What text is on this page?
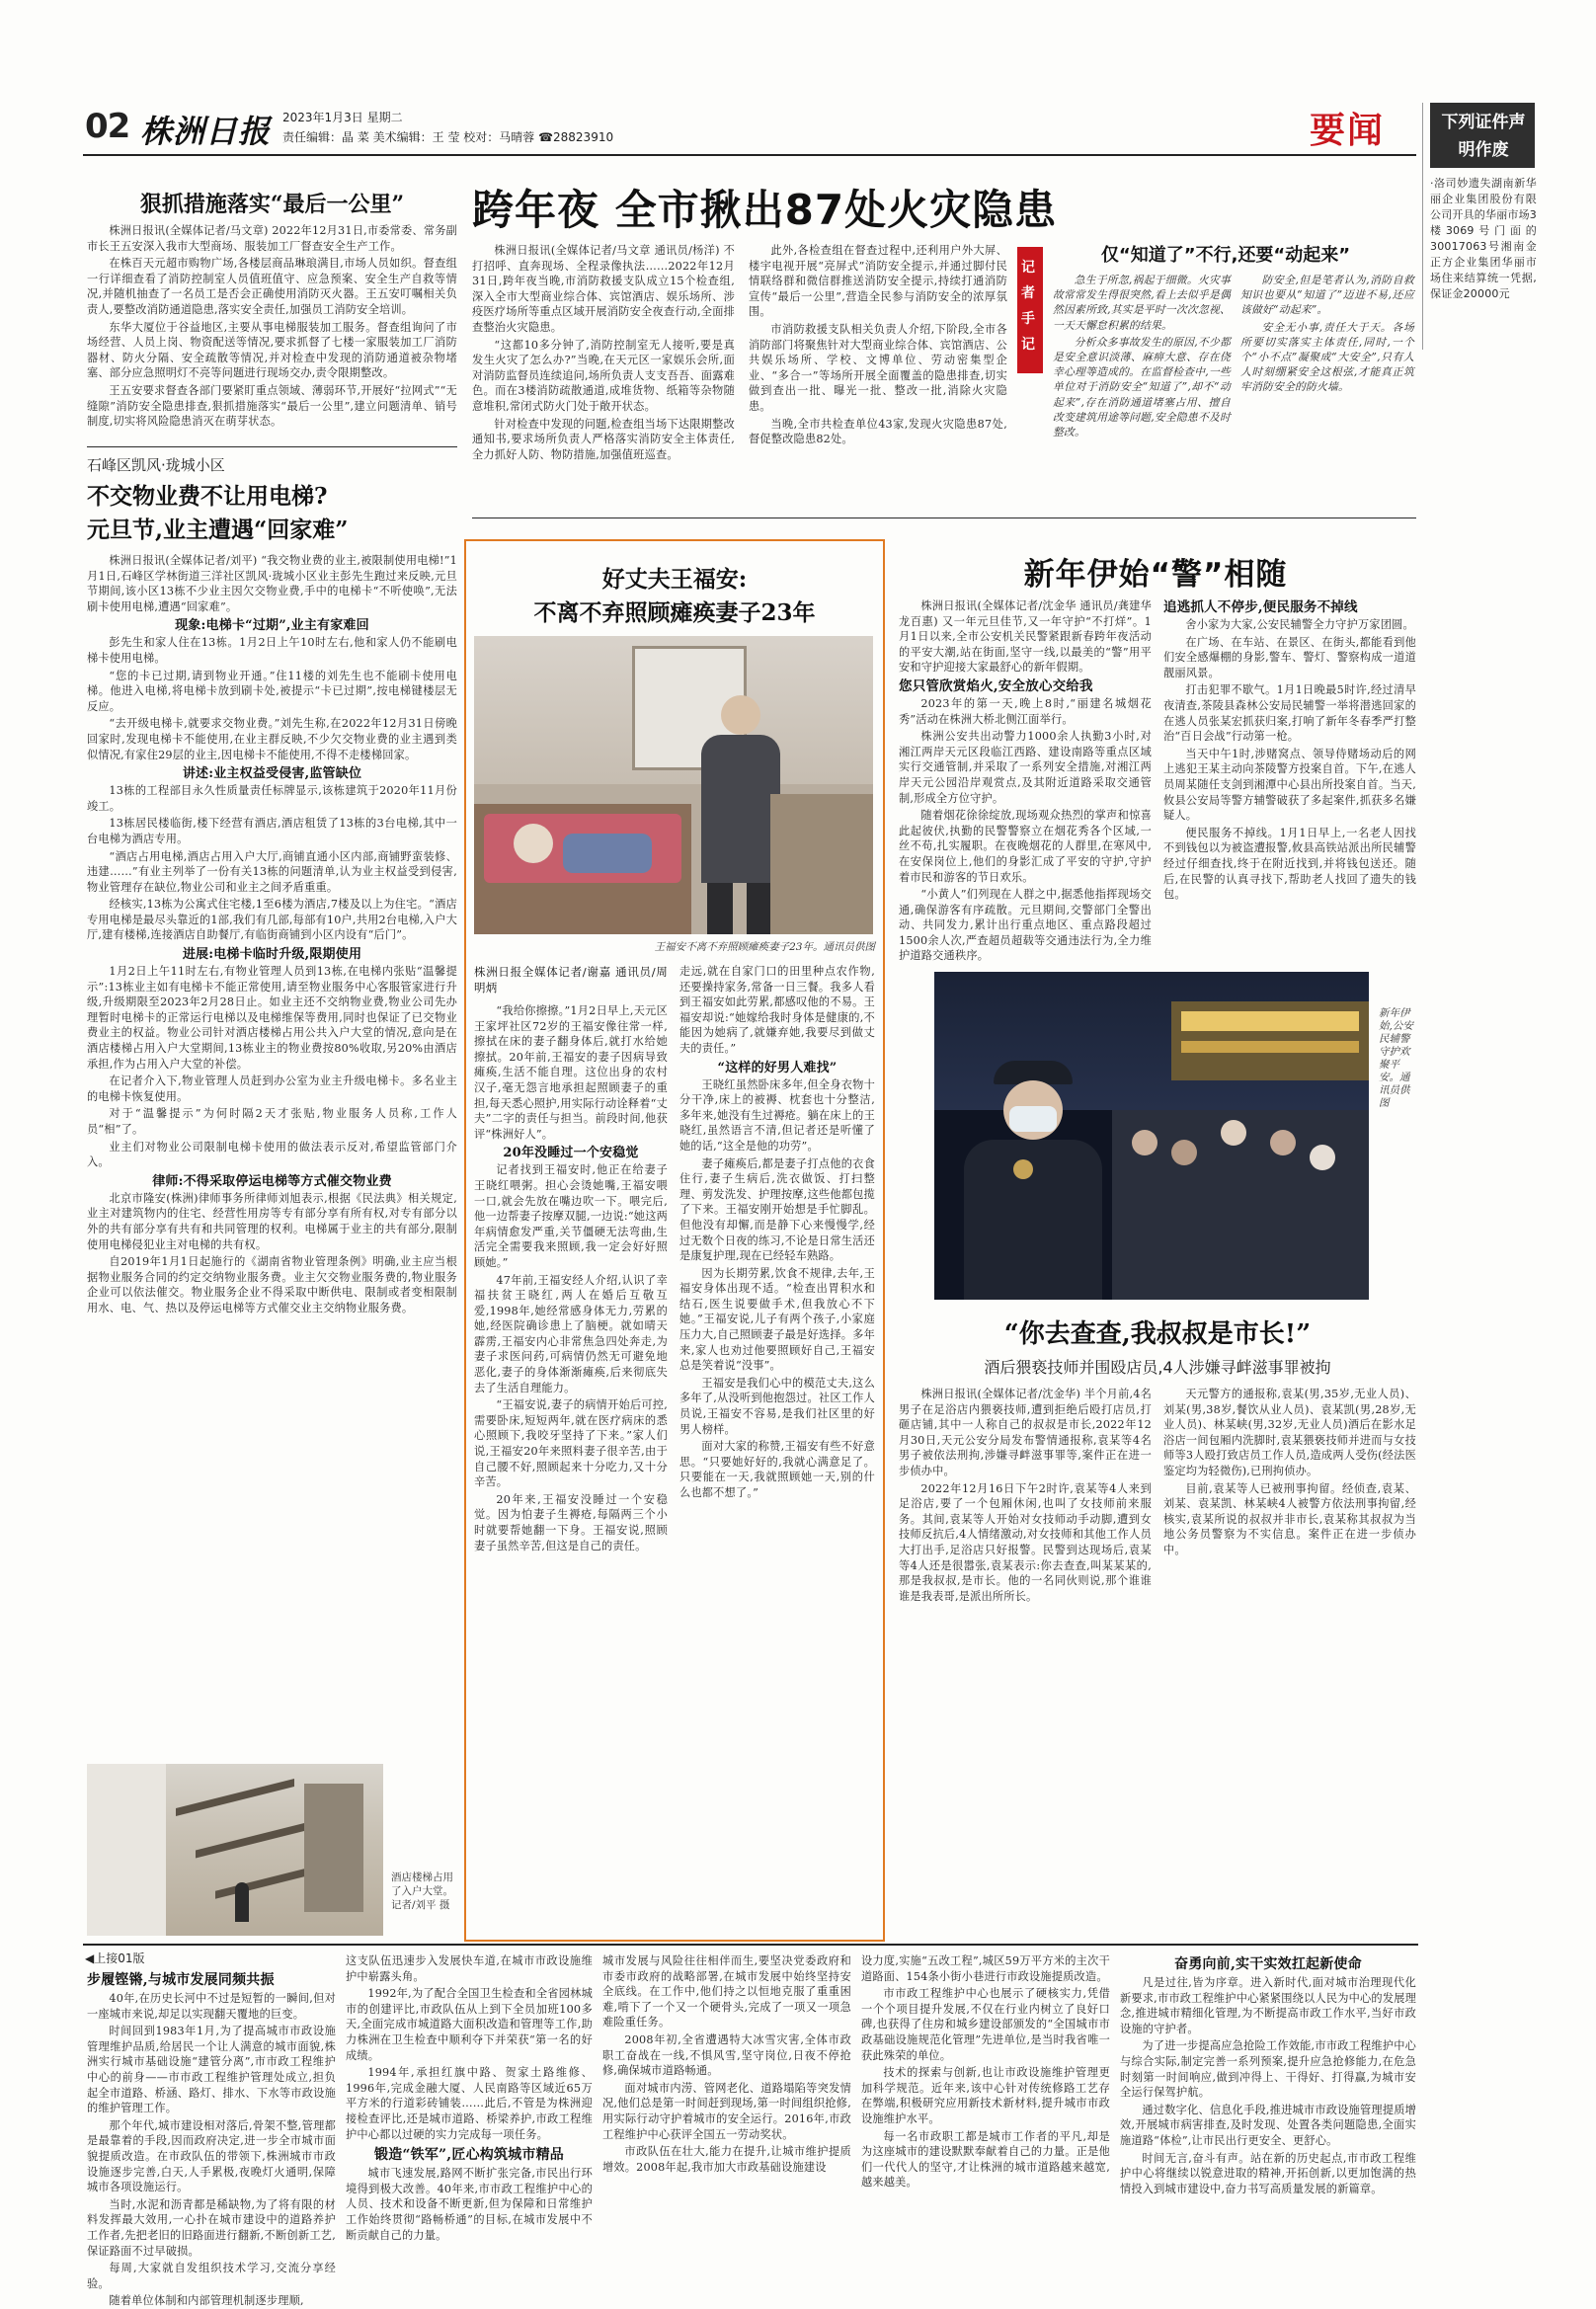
02 株洲日报 2023年1月3日 星期二
责任编辑：晶 菜 美术编辑：王 莹 校对：马晴蓉 ☎28823910	要闻	下列证件声明作废
·洛司妙遗失湖南新华丽企业集团股份有限公司开具的华丽市场3楼3069号门面的30017063号湘南金正方企业集团华丽市场住来结算统一凭据,保证金20000元
狠抓措施落实“最后一公里”

株洲日报讯(全媒体记者/马文章) 2022年12月31日,市委常委、常务副市长王五安深入我市大型商场、服装加工厂督查安全生产工作。

在株百天元超市购物广场,各楼层商品琳琅满目,市场人员如织。督查组一行详细查看了消防控制室人员值班值守、应急预案、安全生产自救等情况,并随机抽查了一名员工是否会正确使用消防灭火器。王五安叮嘱相关负责人,要整改消防通道隐患,落实安全责任,加强员工消防安全培训。

东华大厦位于谷益地区,主要从事电梯服装加工服务。督查组询问了市场经营、人员上岗、物资配送等情况,要求抓督了七楼一家服装加工厂消防器材、防火分隔、安全疏散等情况,并对检查中发现的消防通道被杂物堵塞、部分应急照明灯不亮等问题进行现场交办,责令限期整改。

王五安要求督查各部门要紧盯重点领域、薄弱环节,开展好“拉网式”“无缝隙”消防安全隐患排查,狠抓措施落实“最后一公里”,建立问题清单、销号制度,切实将风险隐患消灭在萌芽状态。

跨年夜 全市揪出87处火灾隐患

株洲日报讯(全媒体记者/马文章 通讯员/杨洋) 不打招呼、直奔现场、全程录像执法……2022年12月31日,跨年夜当晚,市消防救援支队成立15个检查组,深入全市大型商业综合体、宾馆酒店、娱乐场所、涉疫医疗场所等重点区域开展消防安全夜查行动,全面排查整治火灾隐患。

“这都10多分钟了,消防控制室无人接听,要是真发生火灾了怎么办?”当晚,在天元区一家娱乐会所,面对消防监督员连续追问,场所负责人支支吾吾、面露难色。而在3楼消防疏散通道,成堆货物、纸箱等杂物随意堆积,常闭式防火门处于敞开状态。

针对检查中发现的问题,检查组当场下达限期整改通知书,要求场所负责人严格落实消防安全主体责任,全力抓好人防、物防措施,加强值班巡查。

此外,各检查组在督查过程中,还利用户外大屏、楼宇电视开展“亮屏式”消防安全提示,并通过脚付民情联络群和微信群推送消防安全提示,持续打通消防宣传“最后一公里”,营造全民参与消防安全的浓厚氛围。

市消防救援支队相关负责人介绍,下阶段,全市各消防部门将聚焦针对大型商业综合体、宾馆酒店、公共娱乐场所、学校、文博单位、劳动密集型企业、“多合一”等场所开展全面覆盖的隐患排查,切实做到查出一批、曝光一批、整改一批,消除火灾隐患。

当晚,全市共检查单位43家,发现火灾隐患87处,督促整改隐患82处。

记者手记
仅“知道了”不行,还要“动起来”

急生于所忽,祸起于细微。火灾事故常常发生得很突然,看上去似乎是偶然因素所致,其实是平时一次次忽视、一天天懈怠积累的结果。

分析众多事故发生的原因,不少都是安全意识淡薄、麻痹大意、存在侥幸心理等造成的。在监督检查中,一些单位对于消防安全“知道了”,却不“动起来”,存在消防通道堵塞占用、擅自改变建筑用途等问题,安全隐患不及时整改。

防安全,但是笔者认为,消防自救知识也要从“知道了”迈进不易,还应该做好“动起来”。

安全无小事,责任大于天。各场所要切实落实主体责任,同时,一个个“小不点”凝聚成“大安全”,只有人人时刻绷紧安全这根弦,才能真正筑牢消防安全的防火墙。

石峰区凯风·珑城小区
不交物业费不让用电梯?
元旦节,业主遭遇“回家难”

株洲日报讯(全媒体记者/刘平) “我交物业费的业主,被限制使用电梯!”1月1日,石峰区学林街道三洋社区凯风·珑城小区业主彭先生跑过来反映,元旦节期间,该小区13栋不少业主因欠交物业费,手中的电梯卡“不听使唤”,无法刷卡使用电梯,遭遇“回家难”。

现象:电梯卡“过期”,业主有家难回

彭先生和家人住在13栋。1月2日上午10时左右,他和家人仍不能刷电梯卡使用电梯。

“您的卡已过期,请到物业开通。”住11楼的刘先生也不能刷卡使用电梯。他进入电梯,将电梯卡放到刷卡处,被提示“卡已过期”,按电梯键楼层无反应。

“去开级电梯卡,就要求交物业费。”刘先生称,在2022年12月31日傍晚回家时,发现电梯卡不能使用,在业主群反映,不少欠交物业费的业主遇到类似情况,有家住29层的业主,因电梯卡不能使用,不得不走楼梯回家。

讲述:业主权益受侵害,监管缺位

13栋的工程部目永久性质量责任标牌显示,该栋建筑于2020年11月份竣工。

13栋居民楼临街,楼下经营有酒店,酒店租赁了13栋的3台电梯,其中一台电梯为酒店专用。

“酒店占用电梯,酒店占用入户大厅,商铺直通小区内部,商铺野蛮装修、违建……”有业主列举了一份有关13栋的问题清单,认为业主权益受到侵害,物业管理存在缺位,物业公司和业主之间矛盾重重。

经核实,13栋为公寓式住宅楼,1至6楼为酒店,7楼及以上为住宅。“酒店专用电梯是最尽头靠近的1部,我们有几部,每部有10户,共用2台电梯,入户大厅,建有楼梯,连接酒店自助餐厅,有临街商铺到小区内设有“后门”。

进展:电梯卡临时升级,限期使用

1月2日上午11时左右,有物业管理人员到13栋,在电梯内张贴“温馨提示”:13栋业主如有电梯卡不能正常使用,请至物业服务中心客服管家进行升级,升级期限至2023年2月28日止。如业主还不交纳物业费,物业公司先办理暂时电梯卡的正常运行电梯以及电梯维保等费用,同时也保证了已交物业费业主的权益。物业公司针对酒店楼梯占用公共入户大堂的情况,意向是在酒店楼梯占用入户大堂期间,13栋业主的物业费按80%收取,另20%由酒店承担,作为占用入户大堂的补偿。

在记者介入下,物业管理人员赶到办公室为业主升级电梯卡。多名业主的电梯卡恢复使用。

对于“温馨提示”为何时隔2天才张贴,物业服务人员称,工作人员“相”了。

业主们对物业公司限制电梯卡使用的做法表示反对,希望监管部门介入。

律师:不得采取停运电梯等方式催交物业费

北京市隆安(株洲)律师事务所律师刘旭表示,根据《民法典》相关规定,业主对建筑物内的住宅、经营性用房等专有部分享有所有权,对专有部分以外的共有部分享有共有和共同管理的权利。电梯属于业主的共有部分,限制使用电梯侵犯业主对电梯的共有权。

自2019年1月1日起施行的《湖南省物业管理条例》明确,业主应当根据物业服务合同的约定交纳物业服务费。业主欠交物业服务费的,物业服务企业可以依法催交。物业服务企业不得采取中断供电、限制或者变相限制用水、电、气、热以及停运电梯等方式催交业主交纳物业服务费。

酒店楼梯占用了入户大堂。记者/刘平 摄
好丈夫王福安:
不离不弃照顾瘫痪妻子23年
王福安不离不弃照顾瘫痪妻子23年。通讯员供图
株洲日报全媒体记者/谢嘉 通讯员/周明炳

“我给你擦擦。”1月2日早上,天元区王家坪社区72岁的王福安像往常一样,擦拭在床的妻子翻身体后,就打水给她擦拭。20年前,王福安的妻子因病导致瘫痪,生活不能自理。这位出身的农村汉子,毫无怨言地承担起照顾妻子的重担,每天悉心照护,用实际行动诠释着“丈夫”二字的责任与担当。前段时间,他获评“株洲好人”。

20年没睡过一个安稳觉

记者找到王福安时,他正在给妻子王晓红喂粥。担心会烫她嘴,王福安喂一口,就会先放在嘴边吹一下。喂完后,他一边帮妻子按摩双腿,一边说:“她这两年病情愈发严重,关节僵硬无法弯曲,生活完全需要我来照顾,我一定会好好照顾她。”

47年前,王福安经人介绍,认识了幸福扶贫王晓红,两人在婚后互敬互爱,1998年,她经常感身体无力,劳累的她,经医院确诊患上了脑梗。就如晴天霹雳,王福安内心非常焦急四处奔走,为妻子求医问药,可病情仍然无可避免地恶化,妻子的身体渐渐瘫痪,后来彻底失去了生活自理能力。

“王福安说,妻子的病情开始后可控,需要卧床,短短两年,就在医疗病床的悉心照顾下,我咬牙坚持了下来。”家人们说,王福安20年来照料妻子很辛苦,由于自己腰不好,照顾起来十分吃力,又十分辛苦。

20年来,王福安没睡过一个安稳觉。因为怕妻子生褥疮,每隔两三个小时就要帮她翻一下身。王福安说,照顾妻子虽然辛苦,但这是自己的责任。

走远,就在自家门口的田里种点农作物,还要操持家务,常备一日三餐。我多人看到王福安如此劳累,都感叹他的不易。王福安却说:“她嫁给我时身体是健康的,不能因为她病了,就嫌弃她,我要尽到做丈夫的责任。”

“这样的好男人难找”

王晓红虽然卧床多年,但全身衣物十分干净,床上的被褥、枕套也十分整洁,多年来,她没有生过褥疮。躺在床上的王晓红,虽然语言不清,但记者还是听懂了她的话,“这全是他的功劳”。

妻子瘫痪后,都是妻子打点他的衣食住行,妻子生病后,洗衣做饭、打扫整理、剪发洗发、护理按摩,这些他都包揽了下来。王福安刚开始想是手忙脚乱。但他没有却懈,而是静下心来慢慢学,经过无数个日夜的练习,不论是日常生活还是康复护理,现在已经轻车熟路。

因为长期劳累,饮食不规律,去年,王福安身体出现不适。“检查出胃积水和结石,医生说要做手术,但我放心不下她。”王福安说,儿子有两个孩子,小家庭压力大,自己照顾妻子最是好选择。多年来,家人也劝过他要照顾好自己,王福安总是笑着说“没事”。

王福安是我们心中的模范丈夫,这么多年了,从没听到他抱怨过。社区工作人员说,王福安不容易,是我们社区里的好男人榜样。

面对大家的称赞,王福安有些不好意思。“只要她好好的,我就心满意足了。只要能在一天,我就照顾她一天,别的什么也都不想了。”

新年伊始“警”相随

株洲日报讯(全媒体记者/沈金华 通讯员/龚建华 龙百惠) 又一年元旦佳节,又一年守护“不打烊”。1月1日以来,全市公安机关民警紧跟新春跨年夜活动的平安大潮,站在街面,坚守一线,以最美的“警”用平安和守护迎接大家最舒心的新年假期。

您只管欣赏焰火,安全放心交给我

2023年的第一天,晚上8时,“丽建名城烟花秀”活动在株洲大桥北侧江面举行。

株洲公安共出动警力1000余人执勤3小时,对湘江两岸天元区段临江西路、建设南路等重点区域实行交通管制,并采取了一系列安全措施,对湘江两岸天元公园沿岸观赏点,及其附近道路采取交通管制,形成全方位守护。

随着烟花徐徐绽放,现场观众热烈的掌声和惊喜此起彼伏,执勤的民警警察立在烟花秀各个区域,一丝不苟,扎实履职。在夜晚烟花的人群里,在寒风中,在安保岗位上,他们的身影汇成了平安的守护,守护着市民和游客的节日欢乐。

“小黄人”们列现在人群之中,据悉他指挥现场交通,确保游客有序疏散。元旦期间,交警部门全警出动、共同发力,累计出行重点地区、重点路段超过1500余人次,严查超员超载等交通违法行为,全力维护道路交通秩序。

追逃抓人不停步,便民服务不掉线

舍小家为大家,公安民辅警全力守护万家团圆。

在广场、在车站、在景区、在街头,都能看到他们安全感爆棚的身影,警车、警灯、警察构成一道道靓丽风景。

打击犯罪不歇气。1月1日晚最5时许,经过清早夜清查,茶陵县森林公安局民辅警一举将潜逃回家的在逃人员张某宏抓获归案,打响了新年冬春季严打整治“百日会战”行动第一枪。

当天中午1时,涉赌窝点、领导侍赌场动后的网上逃犯王某主动向茶陵警方投案自首。下午,在逃人员周某随任支剑到湘潭中心县出所投案自首。当天,攸县公安局等警方辅警破获了多起案件,抓获多名嫌疑人。

便民服务不掉线。1月1日早上,一名老人因找不到钱包以为被盗遭报警,攸县高铁站派出所民辅警经过仔细查找,终于在附近找到,并将钱包送还。随后,在民警的认真寻找下,帮助老人找回了遗失的钱包。

新年伊始,公安民辅警守护欢聚平安。通讯员供图
“你去查查,我叔叔是市长!”
酒后猥亵技师并围殴店员,4人涉嫌寻衅滋事罪被拘

株洲日报讯(全媒体记者/沈金华) 半个月前,4名男子在足浴店内猥亵技师,遭到拒绝后殴打店员,打砸店铺,其中一人称自己的叔叔是市长,2022年12月30日,天元公安分局发布警情通报称,袁某等4名男子被依法刑拘,涉嫌寻衅滋事罪等,案件正在进一步侦办中。

2022年12月16日下午2时许,袁某等4人来到足浴店,要了一个包厢休闲,也叫了女技师前来服务。其间,袁某等人开始对女技师动手动脚,遭到女技师反抗后,4人情绪激动,对女技师和其他工作人员大打出手,足浴店只好报警。民警到达现场后,袁某等4人还是很嚣张,袁某表示:你去查查,叫某某某的,那是我叔叔,是市长。他的一名同伙则说,那个谁谁谁是我表哥,是派出所所长。

天元警方的通报称,袁某(男,35岁,无业人员)、刘某(男,38岁,餐饮从业人员)、袁某凯(男,28岁,无业人员)、林某峡(男,32岁,无业人员)酒后在影水足浴店一间包厢内洗脚时,袁某猥亵技师并进而与女技师等3人殴打致店员工作人员,造成两人受伤(经法医鉴定均为轻微伤),已刑拘侦办。

目前,袁某等人已被刑事拘留。经侦查,袁某、刘某、袁某凯、林某峡4人被警方依法刑事拘留,经核实,袁某所说的叔叔并非市长,袁某称其叔叔为当地公务员警察为不实信息。案件正在进一步侦办中。

◀上接01版
步履铿锵,与城市发展同频共振

40年,在历史长河中不过是短暂的一瞬间,但对一座城市来说,却足以实现翻天覆地的巨变。

时间回到1983年1月,为了提高城市市政设施管理维护品质,给居民一个让人满意的城市面貌,株洲实行城市基础设施“建管分离”,市市政工程维护中心的前身——市市政工程维护管理处成立,担负起全市道路、桥涵、路灯、排水、下水等市政设施的维护管理工作。

那个年代,城市建设相对落后,骨架不整,管理都是最靠着的手段,因而政府决定,进一步全市城市面貌提质改造。在市政队伍的带领下,株洲城市市政设施逐步完善,白天,人手累极,夜晚灯火通明,保障城市各项设施运行。

当时,水泥和沥青都是稀缺物,为了将有限的材料发挥最大效用,一心扑在城市建设中的道路养护工作者,先把老旧的旧路面进行翻新,不断创新工艺,保证路面不过早破损。

每周,大家就自发组织技术学习,交流分享经验。

随着单位体制和内部管理机制逐步理顺,

这支队伍迅速步入发展快车道,在城市市政设施维护中崭露头角。

1992年,为了配合全国卫生检查和全省园林城市的创建评比,市政队伍从上到下全员加班100多天,全面完成市城道路大面积改造和管理等工作,助力株洲在卫生检查中顺利夺下并荣获“第一名的好成绩。

1994年,承担红旗中路、贺家土路维修、1996年,完成金融大厦、人民南路等区域近65万平方米的行道彩砖铺装……此后,不管是为株洲迎接检查评比,还是城市道路、桥梁养护,市政工程维护中心都以过硬的实力完成每一项任务。

锻造“铁军”,匠心构筑城市精品

城市飞速发展,路网不断扩张完备,市民出行环境得到极大改善。40年来,市市政工程维护中心的人员、技术和设备不断更新,但为保障和日常维护工作始终贯彻“路畅桥通”的目标,在城市发展中不断贡献自己的力量。

城市发展与风险往往相伴而生,要坚决党委政府和市委市政府的战略部署,在城市发展中始终坚持安全底线。在工作中,他们持之以恒地克服了重重困难,啃下了一个又一个硬骨头,完成了一项又一项急难险重任务。

2008年初,全省遭遇特大冰雪灾害,全体市政职工奋战在一线,不惧风雪,坚守岗位,日夜不停抢修,确保城市道路畅通。

面对城市内涝、管网老化、道路塌陷等突发情况,他们总是第一时间赶到现场,第一时间组织抢修,用实际行动守护着城市的安全运行。2016年,市政工程维护中心获评全国五一劳动奖状。

市政队伍在壮大,能力在提升,让城市维护提质增效。2008年起,我市加大市政基础设施建设

设力度,实施“五改工程”,城区59万平方米的主次干道路面、154条小街小巷进行市政设施提质改造。

市市政工程维护中心也展示了硬核实力,凭借一个个项目提升发展,不仅在行业内树立了良好口碑,也获得了住房和城乡建设部颁发的“全国城市市政基础设施规范化管理”先进单位,是当时我省唯一获此殊荣的单位。

技术的探索与创新,也让市政设施维护管理更加科学规范。近年来,该中心针对传统修路工艺存在弊端,积极研究应用新技术新材料,提升城市市政设施维护水平。

每一名市政职工都是城市工作者的平凡,却是为这座城市的建设默默奉献着自己的力量。正是他们一代代人的坚守,才让株洲的城市道路越来越宽,越来越美。

奋勇向前,实干实效扛起新使命

凡是过往,皆为序章。进入新时代,面对城市治理现代化新要求,市市政工程维护中心紧紧围绕以人民为中心的发展理念,推进城市精细化管理,为不断提高市政工作水平,当好市政设施的守护者。

为了进一步提高应急抢险工作效能,市市政工程维护中心与综合实际,制定完善一系列预案,提升应急抢修能力,在危急时刻第一时间响应,做到冲得上、干得好、打得赢,为城市安全运行保驾护航。

通过数字化、信息化手段,推进城市市政设施管理提质增效,开展城市病害排查,及时发现、处置各类问题隐患,全面实施道路“体检”,让市民出行更安全、更舒心。

时间无言,奋斗有声。站在新的历史起点,市市政工程维护中心将继续以锐意进取的精神,开拓创新,以更加饱满的热情投入到城市建设中,奋力书写高质量发展的新篇章。
